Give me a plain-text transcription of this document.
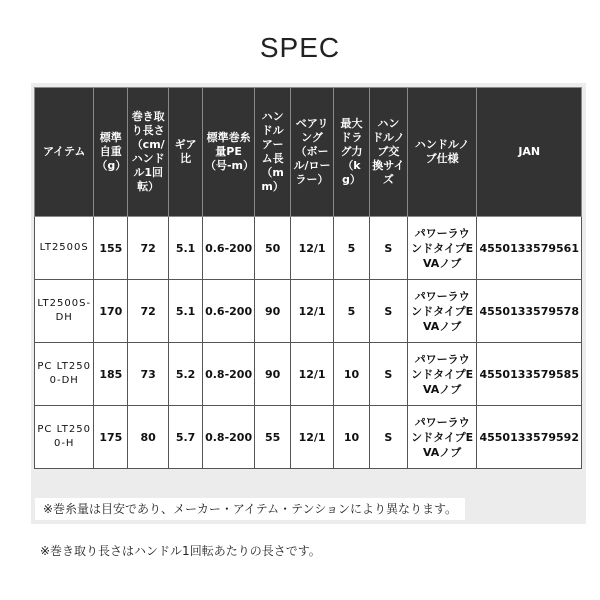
SPEC
アイテム	標準自重（g）	巻き取り長さ（cm/ハンドル1回転）	ギア比	標準巻糸量PE（号-m）	ハンドルアーム長（mm）	ベアリング（ボール/ローラー）	最大ドラグ力（kg）	ハンドルノブ交換サイズ	ハンドルノブ仕様	JAN
LT2500S	155	72	5.1	0.6-200	50	12/1	5	S	パワーラウンドタイプEVAノブ	4550133579561
LT2500S-DH	170	72	5.1	0.6-200	90	12/1	5	S	パワーラウンドタイプEVAノブ	4550133579578
PC LT2500-DH	185	73	5.2	0.8-200	90	12/1	10	S	パワーラウンドタイプEVAノブ	4550133579585
PC LT2500-H	175	80	5.7	0.8-200	55	12/1	10	S	パワーラウンドタイプEVAノブ	4550133579592
※巻糸量は目安であり、メーカー・アイテム・テンションにより異なります。
※巻き取り長さはハンドル1回転あたりの長さです。
